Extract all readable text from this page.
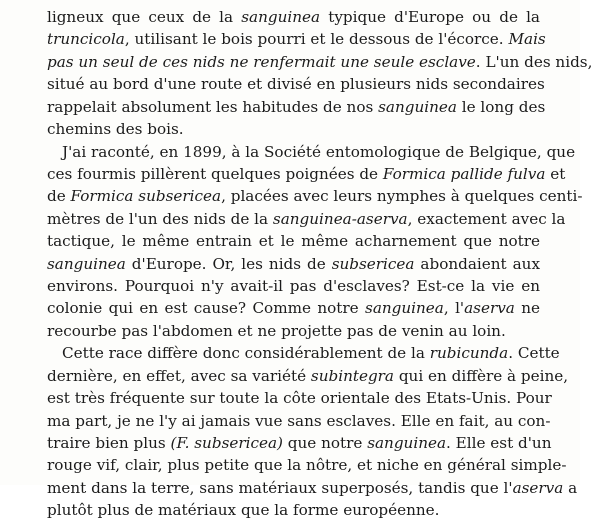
ligneux que ceux de la sanguinea typique d'Europe ou de la
truncicola, utilisant le bois pourri et le dessous de l'écorce. Mais
pas un seul de ces nids ne renfermait une seule esclave. L'un des nids,
situé au bord d'une route et divisé en plusieurs nids secondaires
rappelait absolument les habitudes de nos sanguinea le long des
chemins des bois.
J'ai raconté, en 1899, à la Société entomologique de Belgique, que
ces fourmis pillèrent quelques poignées de Formica pallide fulva et
de Formica subsericea, placées avec leurs nymphes à quelques centi-
mètres de l'un des nids de la sanguinea-aserva, exactement avec la
tactique, le même entrain et le même acharnement que notre
sanguinea d'Europe. Or, les nids de subsericea abondaient aux
environs. Pourquoi n'y avait-il pas d'esclaves? Est-ce la vie en
colonie qui en est cause? Comme notre sanguinea, l'aserva ne
recourbe pas l'abdomen et ne projette pas de venin au loin.
Cette race diffère donc considérablement de la rubicunda. Cette
dernière, en effet, avec sa variété subintegra qui en diffère à peine,
est très fréquente sur toute la côte orientale des Etats-Unis. Pour
ma part, je ne l'y ai jamais vue sans esclaves. Elle en fait, au con-
traire bien plus (F. subsericea) que notre sanguinea. Elle est d'un
rouge vif, clair, plus petite que la nôtre, et niche en général simple-
ment dans la terre, sans matériaux superposés, tandis que l'aserva a
plutôt plus de matériaux que la forme européenne.
